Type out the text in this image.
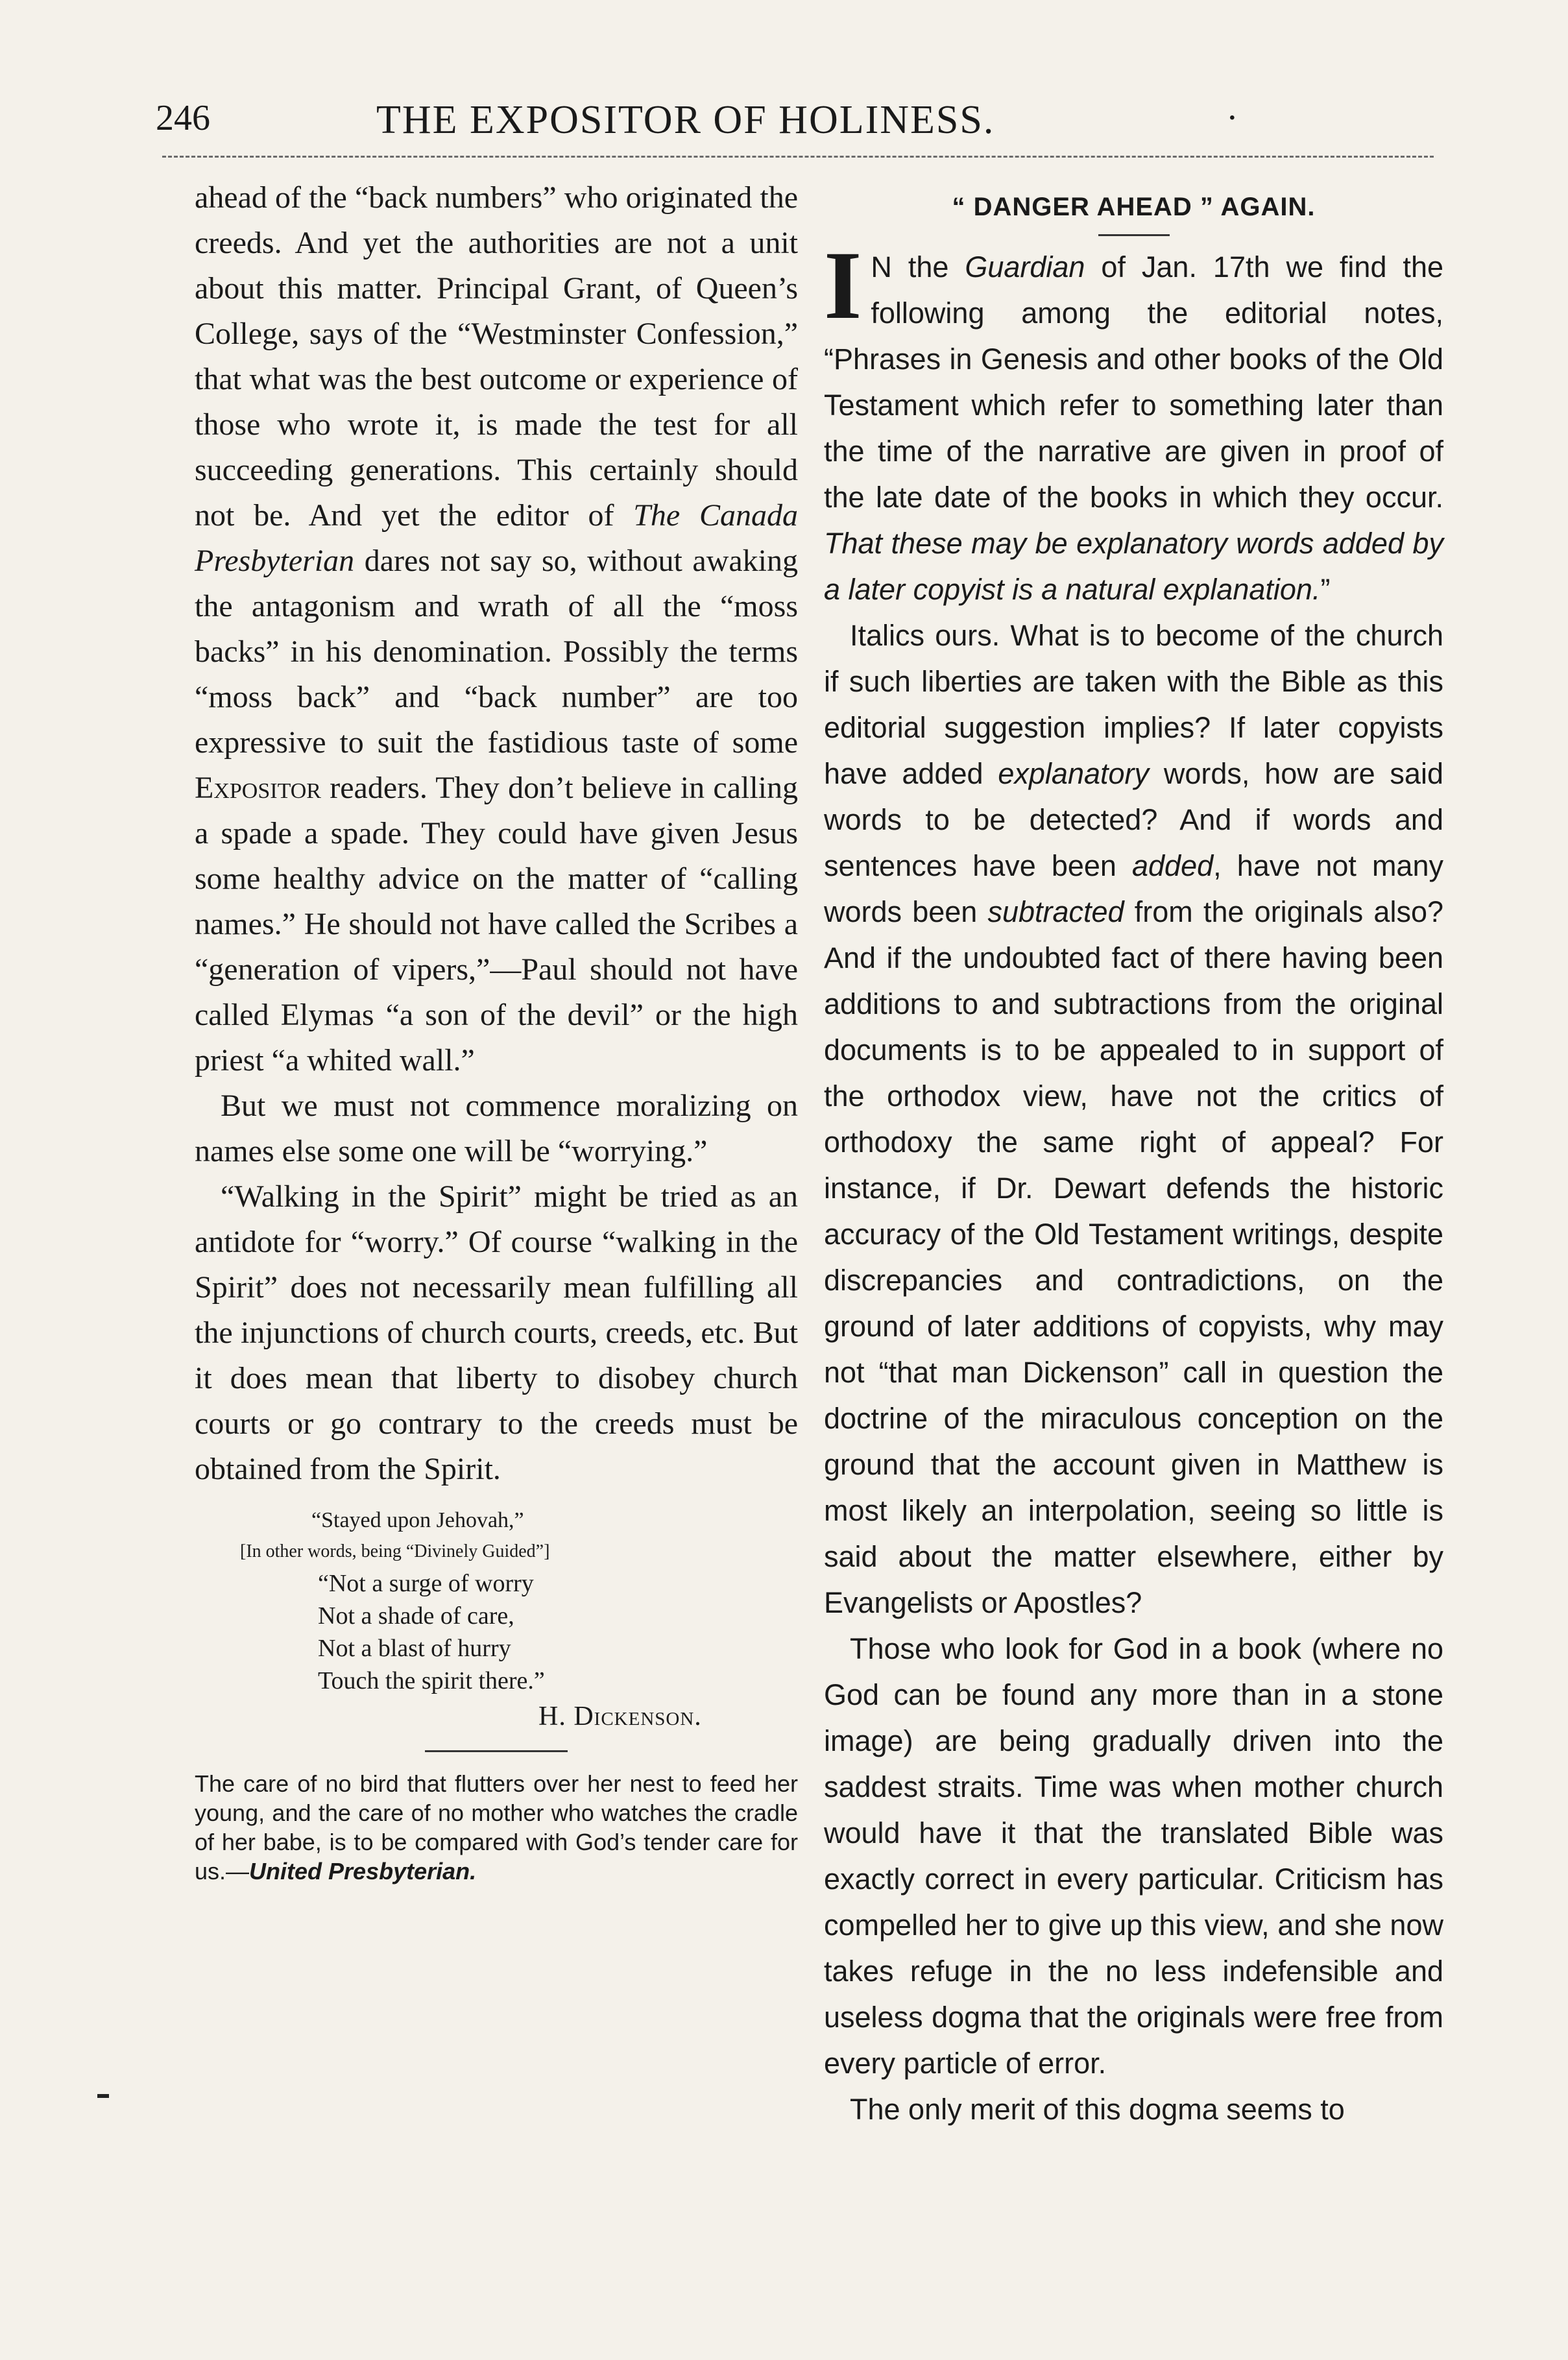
246	THE EXPOSITOR OF HOLINESS.	·

ahead of the “back numbers” who originated the creeds. And yet the authorities are not a unit about this matter. Principal Grant, of Queen’s College, says of the “Westminster Confession,” that what was the best outcome or experience of those who wrote it, is made the test for all succeeding generations. This certainly should not be. And yet the editor of The Canada Presbyterian dares not say so, without awaking the antagonism and wrath of all the “moss backs” in his denomination. Possibly the terms “moss back” and “back number” are too expressive to suit the fastidious taste of some Expositor readers. They don’t believe in calling a spade a spade. They could have given Jesus some healthy advice on the matter of “calling names.” He should not have called the Scribes a “generation of vipers,”—Paul should not have called Elymas “a son of the devil” or the high priest “a whited wall.”

But we must not commence moralizing on names else some one will be “worrying.”

“Walking in the Spirit” might be tried as an antidote for “worry.” Of course “walking in the Spirit” does not necessarily mean fulfilling all the injunctions of church courts, creeds, etc. But it does mean that liberty to disobey church courts or go contrary to the creeds must be obtained from the Spirit.

“Stayed upon Jehovah,”
[In other words, being “Divinely Guided”]
“Not a surge of worry
Not a shade of care,
Not a blast of hurry
Touch the spirit there.”
H. Dickenson.

The care of no bird that flutters over her nest to feed her young, and the care of no mother who watches the cradle of her babe, is to be compared with God’s tender care for us.—United Presbyterian.

“ DANGER AHEAD ” AGAIN.

I N the Guardian of Jan. 17th we find the following among the editorial notes, “Phrases in Genesis and other books of the Old Testament which refer to something later than the time of the narrative are given in proof of the late date of the books in which they occur. That these may be explanatory words added by a later copyist is a natural explanation.”

Italics ours. What is to become of the church if such liberties are taken with the Bible as this editorial suggestion implies? If later copyists have added explanatory words, how are said words to be detected? And if words and sentences have been added, have not many words been subtracted from the originals also? And if the undoubted fact of there having been additions to and subtractions from the original documents is to be appealed to in support of the orthodox view, have not the critics of orthodoxy the same right of appeal? For instance, if Dr. Dewart defends the historic accuracy of the Old Testament writings, despite discrepancies and contradictions, on the ground of later additions of copyists, why may not “that man Dickenson” call in question the doctrine of the miraculous conception on the ground that the account given in Matthew is most likely an interpolation, seeing so little is said about the matter elsewhere, either by Evangelists or Apostles?

Those who look for God in a book (where no God can be found any more than in a stone image) are being gradually driven into the saddest straits. Time was when mother church would have it that the translated Bible was exactly correct in every particular. Criticism has compelled her to give up this view, and she now takes refuge in the no less indefensible and useless dogma that the originals were free from every particle of error.

The only merit of this dogma seems to
